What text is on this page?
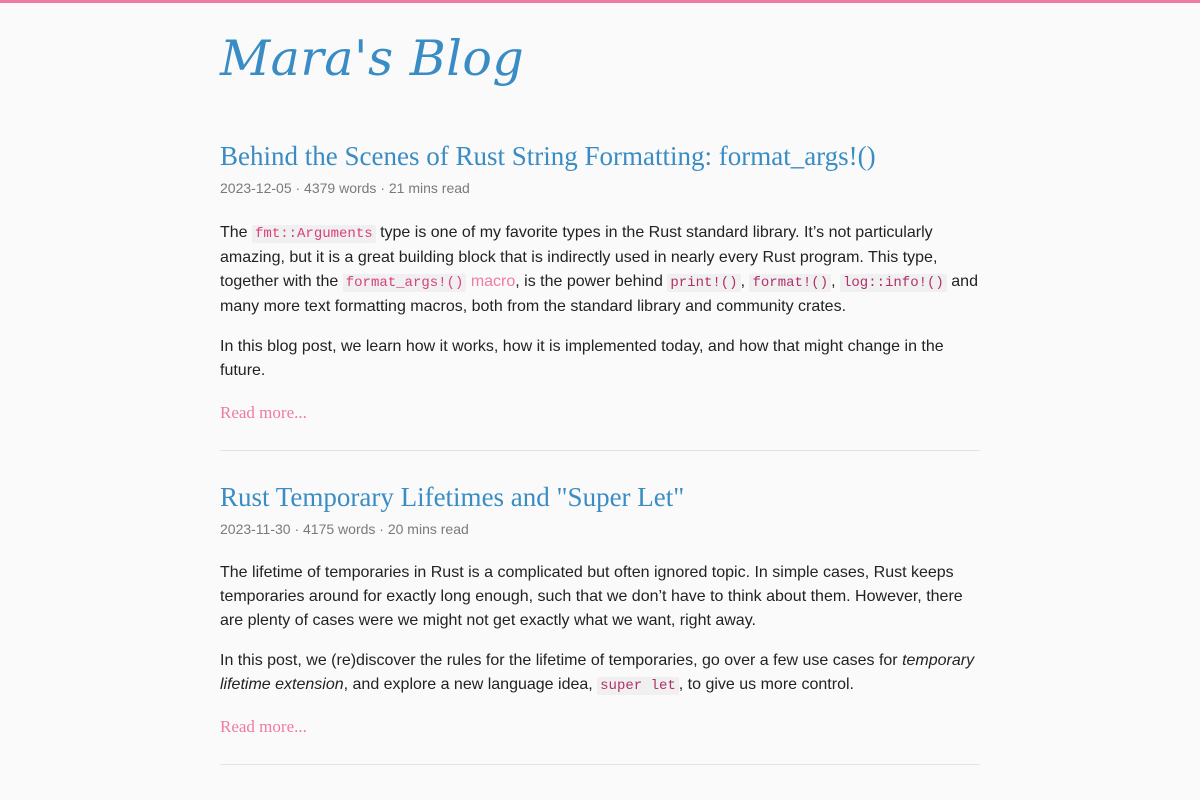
Mara's Blog
Behind the Scenes of Rust String Formatting: format_args!()
2023-12-05 · 4379 words · 21 mins read

The fmt::Arguments type is one of my favorite types in the Rust standard library. It’s not particularly amazing, but it is a great building block that is indirectly used in nearly every Rust program. This type, together with the format_args!() macro, is the power behind print!() , format!() , log::info!() and many more text formatting macros, both from the standard library and community crates.

In this blog post, we learn how it works, how it is implemented today, and how that might change in the future.

Read more...
Rust Temporary Lifetimes and "Super Let"
2023-11-30 · 4175 words · 20 mins read

The lifetime of temporaries in Rust is a complicated but often ignored topic. In simple cases, Rust keeps temporaries around for exactly long enough, such that we don’t have to think about them. However, there are plenty of cases were we might not get exactly what we want, right away.

In this post, we (re)discover the rules for the lifetime of temporaries, go over a few use cases for temporary lifetime extension, and explore a new language idea, super let , to give us more control.

Read more...
